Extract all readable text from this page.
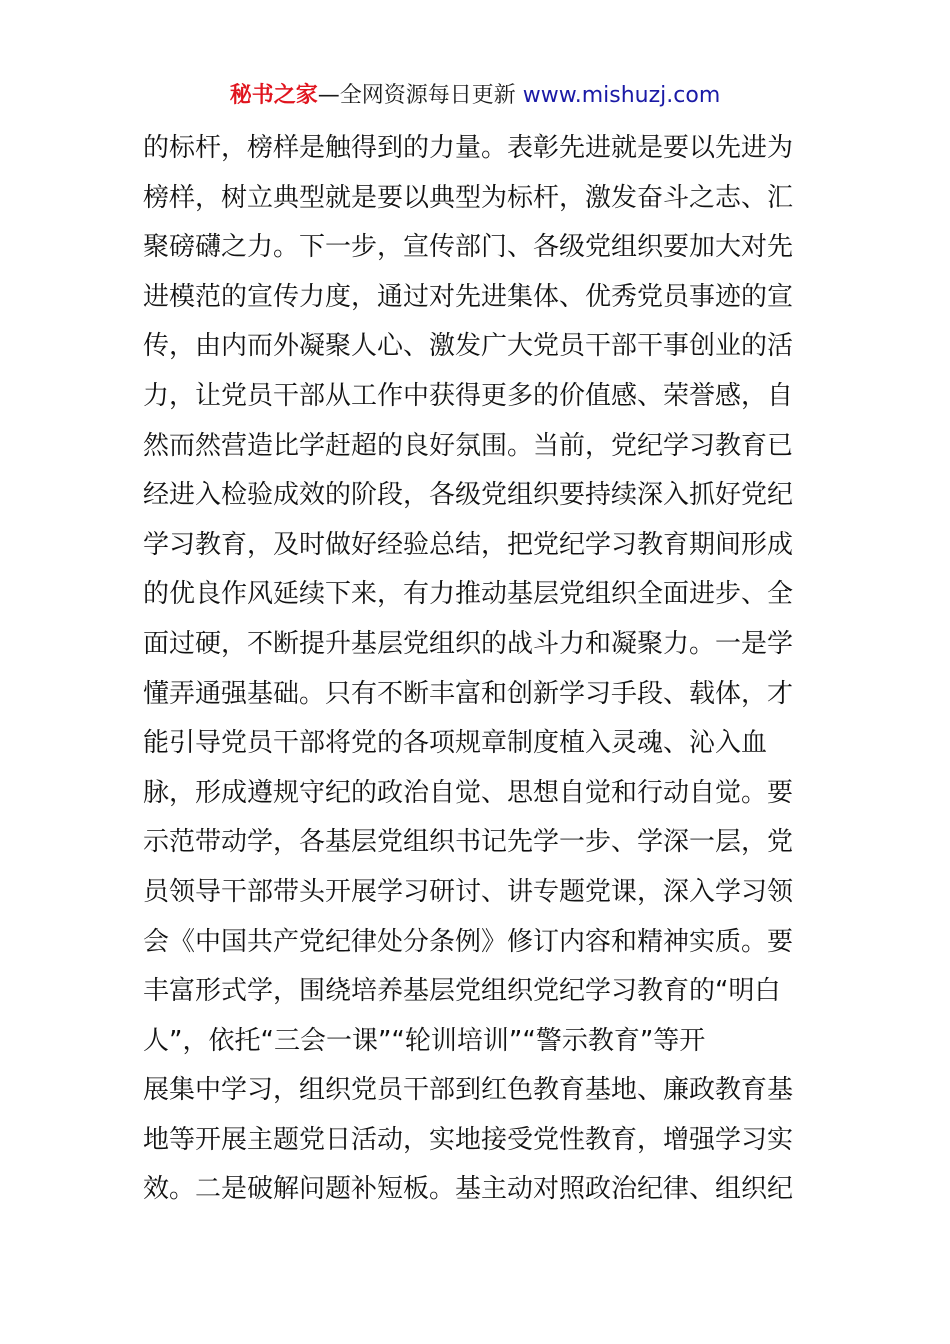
秘书之家—全网资源每日更新 www.mishuzj.com
的标杆，榜样是触得到的力量。表彰先进就是要以先进为
榜样，树立典型就是要以典型为标杆，激发奋斗之志、汇
聚磅礴之力。下一步，宣传部门、各级党组织要加大对先
进模范的宣传力度，通过对先进集体、优秀党员事迹的宣
传，由内而外凝聚人心、激发广大党员干部干事创业的活
力，让党员干部从工作中获得更多的价值感、荣誉感，自
然而然营造比学赶超的良好氛围。当前，党纪学习教育已
经进入检验成效的阶段，各级党组织要持续深入抓好党纪
学习教育，及时做好经验总结，把党纪学习教育期间形成
的优良作风延续下来，有力推动基层党组织全面进步、全
面过硬，不断提升基层党组织的战斗力和凝聚力。一是学
懂弄通强基础。只有不断丰富和创新学习手段、载体，才
能引导党员干部将党的各项规章制度植入灵魂、沁入血
脉，形成遵规守纪的政治自觉、思想自觉和行动自觉。要
示范带动学，各基层党组织书记先学一步、学深一层，党
员领导干部带头开展学习研讨、讲专题党课，深入学习领
会《中国共产党纪律处分条例》修订内容和精神实质。要
丰富形式学，围绕培养基层党组织党纪学习教育的“明白
人”，依托“三会一课”“轮训培训”“警示教育”等开
展集中学习，组织党员干部到红色教育基地、廉政教育基
地等开展主题党日活动，实地接受党性教育，增强学习实
效。二是破解问题补短板。基主动对照政治纪律、组织纪
